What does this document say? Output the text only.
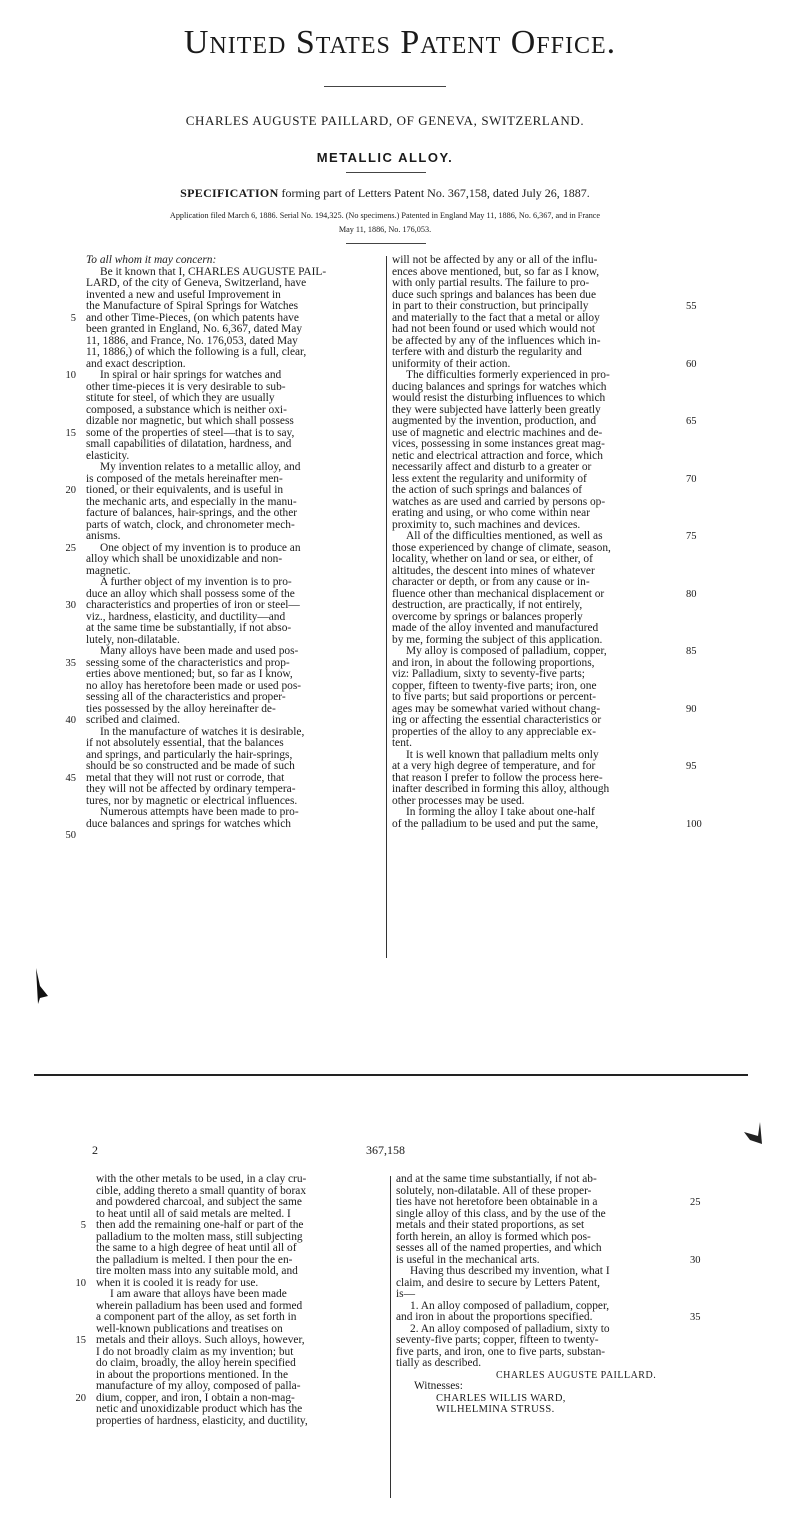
United States Patent Office.
CHARLES AUGUSTE PAILLARD, OF GENEVA, SWITZERLAND.
METALLIC ALLOY.
SPECIFICATION forming part of Letters Patent No. 367,158, dated July 26, 1887.
Application filed March 6, 1886. Serial No. 194,325. (No specimens.) Patented in England May 11, 1886, No. 6,367, and in France
May 11, 1886, No. 176,053.

To all whom it may concern:

Be it known that I, CHARLES AUGUSTE PAIL-

LARD, of the city of Geneva, Switzerland, have

invented a new and useful Improvement in

the Manufacture of Spiral Springs for Watches

and other Time-Pieces, (on which patents have

been granted in England, No. 6,367, dated May

11, 1886, and France, No. 176,053, dated May

11, 1886,) of which the following is a full, clear,

and exact description.

In spiral or hair springs for watches and

other time-pieces it is very desirable to sub-

stitute for steel, of which they are usually

composed, a substance which is neither oxi-

dizable nor magnetic, but which shall possess

some of the properties of steel—that is to say,

small capabilities of dilatation, hardness, and

elasticity.

My invention relates to a metallic alloy, and

is composed of the metals hereinafter men-

tioned, or their equivalents, and is useful in

the mechanic arts, and especially in the manu-

facture of balances, hair-springs, and the other

parts of watch, clock, and chronometer mech-

anisms.

One object of my invention is to produce an

alloy which shall be unoxidizable and non-

magnetic.

A further object of my invention is to pro-

duce an alloy which shall possess some of the

characteristics and properties of iron or steel—

viz., hardness, elasticity, and ductility—and

at the same time be substantially, if not abso-

lutely, non-dilatable.

Many alloys have been made and used pos-

sessing some of the characteristics and prop-

erties above mentioned; but, so far as I know,

no alloy has heretofore been made or used pos-

sessing all of the characteristics and proper-

ties possessed by the alloy hereinafter de-

scribed and claimed.

In the manufacture of watches it is desirable,

if not absolutely essential, that the balances

and springs, and particularly the hair-springs,

should be so constructed and be made of such

metal that they will not rust or corrode, that

they will not be affected by ordinary tempera-

tures, nor by magnetic or electrical influences.

Numerous attempts have been made to pro-

duce balances and springs for watches which

will not be affected by any or all of the influ-

ences above mentioned, but, so far as I know,

with only partial results. The failure to pro-

duce such springs and balances has been due

in part to their construction, but principally

and materially to the fact that a metal or alloy

had not been found or used which would not

be affected by any of the influences which in-

terfere with and disturb the regularity and

uniformity of their action.

The difficulties formerly experienced in pro-

ducing balances and springs for watches which

would resist the disturbing influences to which

they were subjected have latterly been greatly

augmented by the invention, production, and

use of magnetic and electric machines and de-

vices, possessing in some instances great mag-

netic and electrical attraction and force, which

necessarily affect and disturb to a greater or

less extent the regularity and uniformity of

the action of such springs and balances of

watches as are used and carried by persons op-

erating and using, or who come within near

proximity to, such machines and devices.

All of the difficulties mentioned, as well as

those experienced by change of climate, season,

locality, whether on land or sea, or either, of

altitudes, the descent into mines of whatever

character or depth, or from any cause or in-

fluence other than mechanical displacement or

destruction, are practically, if not entirely,

overcome by springs or balances properly

made of the alloy invented and manufactured

by me, forming the subject of this application.

My alloy is composed of palladium, copper,

and iron, in about the following proportions,

viz: Palladium, sixty to seventy-five parts;

copper, fifteen to twenty-five parts; iron, one

to five parts; but said proportions or percent-

ages may be somewhat varied without chang-

ing or affecting the essential characteristics or

properties of the alloy to any appreciable ex-

tent.

It is well known that palladium melts only

at a very high degree of temperature, and for

that reason I prefer to follow the process here-

inafter described in forming this alloy, although

other processes may be used.

In forming the alloy I take about one-half

of the palladium to be used and put the same,

5
10
15
20
25
30
35
40
45
50
55
60
65
70
75
80
85
90
95
100
2	367,158

with the other metals to be used, in a clay cru-

cible, adding thereto a small quantity of borax

and powdered charcoal, and subject the same

to heat until all of said metals are melted. I

then add the remaining one-half or part of the

palladium to the molten mass, still subjecting

the same to a high degree of heat until all of

the palladium is melted. I then pour the en-

tire molten mass into any suitable mold, and

when it is cooled it is ready for use.

I am aware that alloys have been made

wherein palladium has been used and formed

a component part of the alloy, as set forth in

well-known publications and treatises on

metals and their alloys. Such alloys, however,

I do not broadly claim as my invention; but

do claim, broadly, the alloy herein specified

in about the proportions mentioned. In the

manufacture of my alloy, composed of palla-

dium, copper, and iron, I obtain a non-mag-

netic and unoxidizable product which has the

properties of hardness, elasticity, and ductility,

and at the same time substantially, if not ab-

solutely, non-dilatable. All of these proper-

ties have not heretofore been obtainable in a

single alloy of this class, and by the use of the

metals and their stated proportions, as set

forth herein, an alloy is formed which pos-

sesses all of the named properties, and which

is useful in the mechanical arts.

Having thus described my invention, what I

claim, and desire to secure by Letters Patent,

is—

1. An alloy composed of palladium, copper,

and iron in about the proportions specified.

2. An alloy composed of palladium, sixty to

seventy-five parts; copper, fifteen to twenty-

five parts, and iron, one to five parts, substan-

tially as described.

CHARLES AUGUSTE PAILLARD.

Witnesses:

CHARLES WILLIS WARD,

WILHELMINA STRUSS.

5
10
15
20
25
30
35
